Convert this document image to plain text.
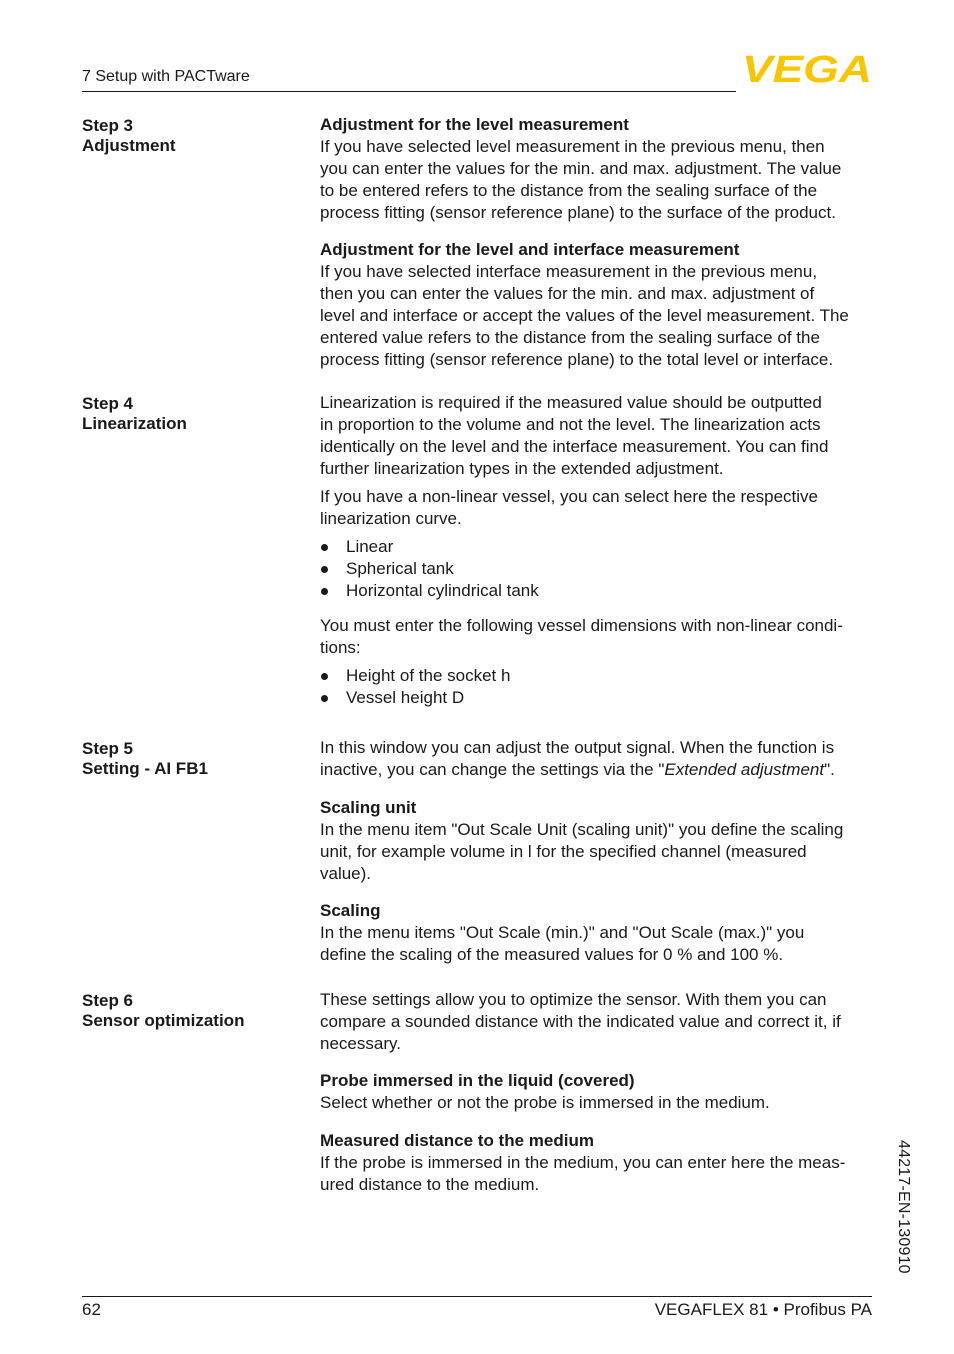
7 Setup with PACTware	VEGA
Step 3
Adjustment

Adjustment for the level measurement

If you have selected level measurement in the previous menu, then

you can enter the values for the min. and max. adjustment. The value

to be entered refers to the distance from the sealing surface of the

process fitting (sensor reference plane) to the surface of the product.

Adjustment for the level and interface measurement

If you have selected interface measurement in the previous menu,

then you can enter the values for the min. and max. adjustment of

level and interface or accept the values of the level measurement. The

entered value refers to the distance from the sealing surface of the

process fitting (sensor reference plane) to the total level or interface.

Step 4
Linearization

Linearization is required if the measured value should be outputted

in proportion to the volume and not the level. The linearization acts

identically on the level and the interface measurement. You can find

further linearization types in the extended adjustment.

If you have a non-linear vessel, you can select here the respective

linearization curve.

Linear
Spherical tank
Horizontal cylindrical tank

You must enter the following vessel dimensions with non-linear condi-

tions:

Height of the socket h
Vessel height D
Step 5
Setting - AI FB1

In this window you can adjust the output signal. When the function is

inactive, you can change the settings via the "Extended adjustment".

Scaling unit

In the menu item "Out Scale Unit (scaling unit)" you define the scaling

unit, for example volume in l for the specified channel (measured

value).

Scaling

In the menu items "Out Scale (min.)" and "Out Scale (max.)" you

define the scaling of the measured values for 0 % and 100 %.

Step 6
Sensor optimization

These settings allow you to optimize the sensor. With them you can

compare a sounded distance with the indicated value and correct it, if

necessary.

Probe immersed in the liquid (covered)

Select whether or not the probe is immersed in the medium.

Measured distance to the medium

If the probe is immersed in the medium, you can enter here the meas-

ured distance to the medium.	44217-EN-130910
62	VEGAFLEX 81 • Profibus PA
